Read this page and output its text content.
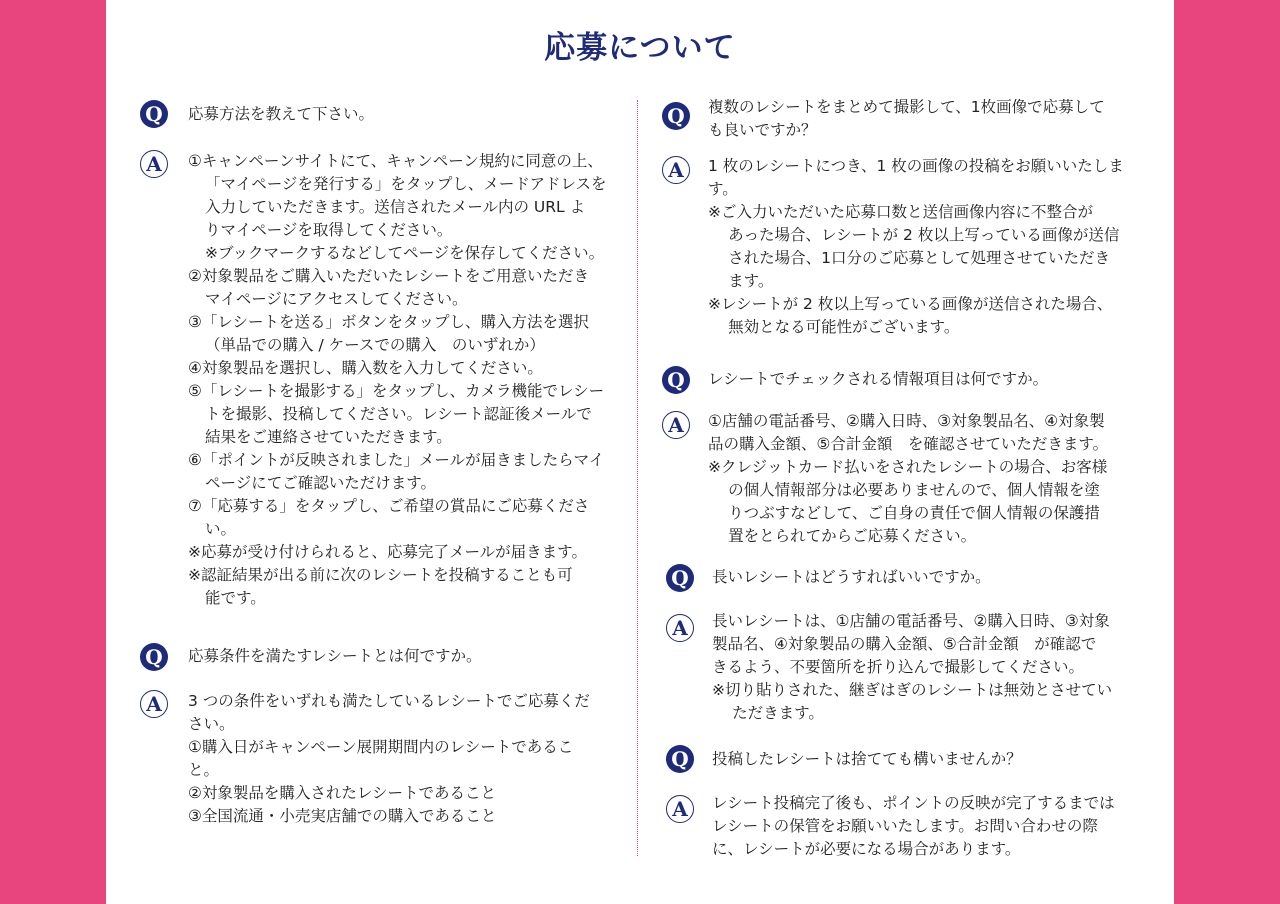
応募について
Q	応募方法を教えて下さい。
A	①キャンペーンサイトにて、キャンペーン規約に同意の上、
「マイページを発行する」をタップし、メードアドレスを
入力していただきます。送信されたメール内の URL よ
りマイページを取得してください。
※ブックマークするなどしてページを保存してください。
②対象製品をご購入いただいたレシートをご用意いただき
マイページにアクセスしてください。
③「レシートを送る」ボタンをタップし、購入方法を選択
（単品での購入 / ケースでの購入　のいずれか）
④対象製品を選択し、購入数を入力してください。
⑤「レシートを撮影する」をタップし、カメラ機能でレシー
トを撮影、投稿してください。レシート認証後メールで
結果をご連絡させていただきます。
⑥「ポイントが反映されました」メールが届きましたらマイ
ページにてご確認いただけます。
⑦「応募する」をタップし、ご希望の賞品にご応募くださ
い。
※応募が受け付けられると、応募完了メールが届きます。
※認証結果が出る前に次のレシートを投稿することも可
能です。
Q	応募条件を満たすレシートとは何ですか。
A	3 つの条件をいずれも満たしているレシートでご応募くだ
さい。
①購入日がキャンペーン展開期間内のレシートであるこ
と。
②対象製品を購入されたレシートであること
③全国流通・小売実店舗での購入であること
Q	複数のレシートをまとめて撮影して、1枚画像で応募して
も良いですか？
A	1 枚のレシートにつき、1 枚の画像の投稿をお願いいたしま
す。
※ご入力いただいた応募口数と送信画像内容に不整合が
あった場合、レシートが 2 枚以上写っている画像が送信
された場合、1口分のご応募として処理させていただき
ます。
※レシートが 2 枚以上写っている画像が送信された場合、
無効となる可能性がございます。
Q	レシートでチェックされる情報項目は何ですか。
A	①店舗の電話番号、②購入日時、③対象製品名、④対象製
品の購入金額、⑤合計金額　を確認させていただきます。
※クレジットカード払いをされたレシートの場合、お客様
の個人情報部分は必要ありませんので、個人情報を塗
りつぶすなどして、ご自身の責任で個人情報の保護措
置をとられてからご応募ください。
Q	長いレシートはどうすればいいですか。
A	長いレシートは、①店舗の電話番号、②購入日時、③対象
製品名、④対象製品の購入金額、⑤合計金額　が確認で
きるよう、不要箇所を折り込んで撮影してください。
※切り貼りされた、継ぎはぎのレシートは無効とさせてい
ただきます。
Q	投稿したレシートは捨てても構いませんか？
A	レシート投稿完了後も、ポイントの反映が完了するまでは
レシートの保管をお願いいたします。お問い合わせの際
に、レシートが必要になる場合があります。
